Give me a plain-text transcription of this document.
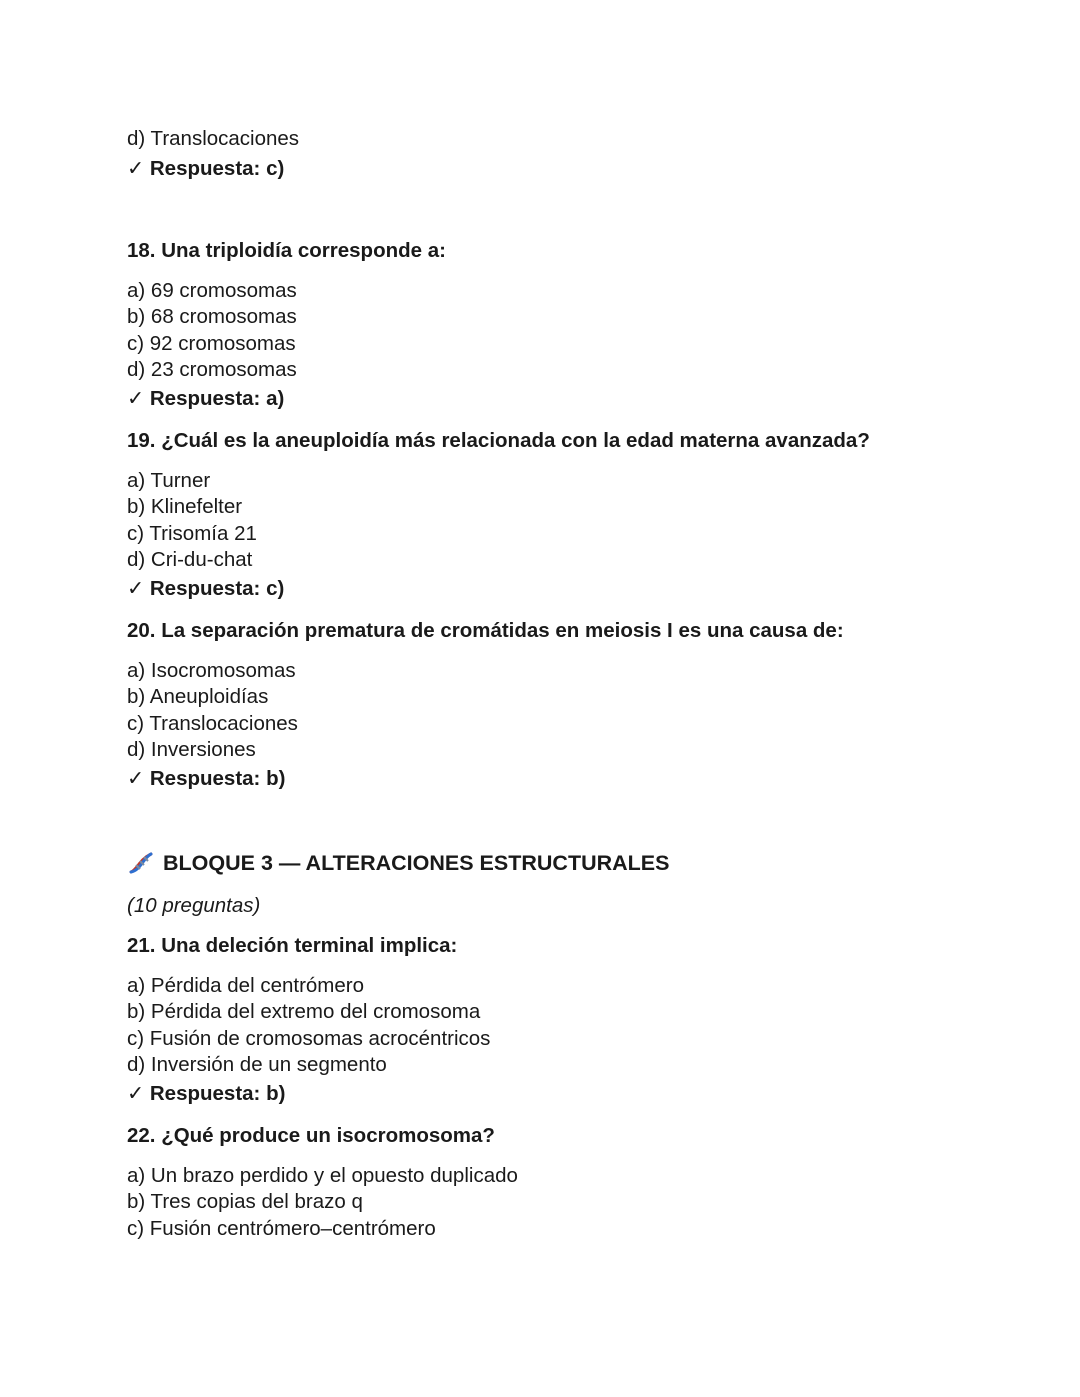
d) Translocaciones
✓ Respuesta: c)
18. Una triploidía corresponde a:
a) 69 cromosomas
b) 68 cromosomas
c) 92 cromosomas
d) 23 cromosomas
✓ Respuesta: a)
19. ¿Cuál es la aneuploidía más relacionada con la edad materna avanzada?
a) Turner
b) Klinefelter
c) Trisomía 21
d) Cri-du-chat
✓ Respuesta: c)
20. La separación prematura de cromátidas en meiosis I es una causa de:
a) Isocromosomas
b) Aneuploidías
c) Translocaciones
d) Inversiones
✓ Respuesta: b)
BLOQUE 3 — ALTERACIONES ESTRUCTURALES
(10 preguntas)
21. Una deleción terminal implica:
a) Pérdida del centrómero
b) Pérdida del extremo del cromosoma
c) Fusión de cromosomas acrocéntricos
d) Inversión de un segmento
✓ Respuesta: b)
22. ¿Qué produce un isocromosoma?
a) Un brazo perdido y el opuesto duplicado
b) Tres copias del brazo q
c) Fusión centrómero–centrómero
